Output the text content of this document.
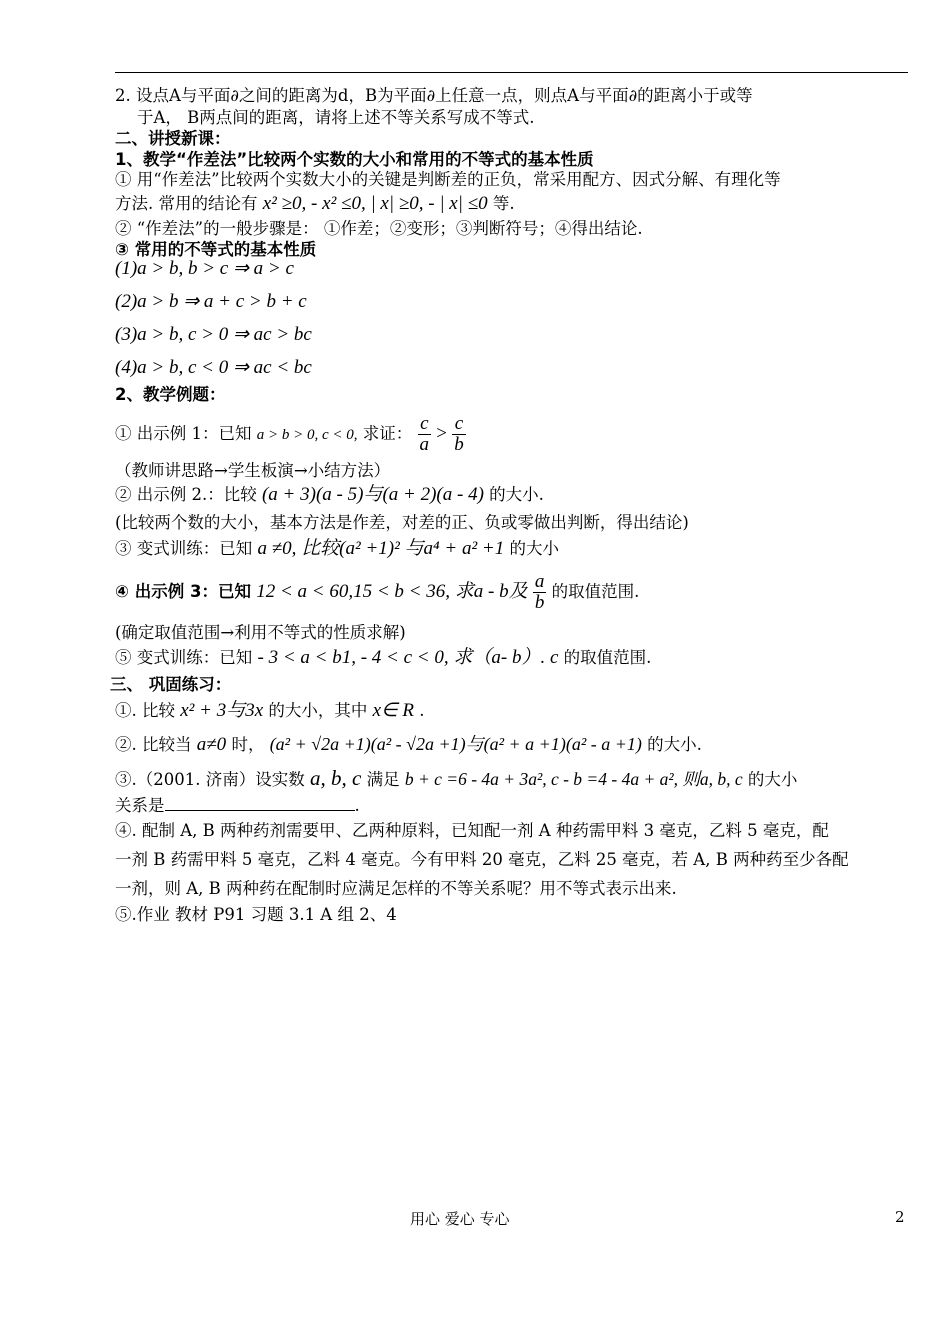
2. 设点A与平面∂之间的距离为d，B为平面∂上任意一点，则点A与平面∂的距离小于或等
于A， B两点间的距离，请将上述不等关系写成不等式.
二、讲授新课：
1、教学“作差法”比较两个实数的大小和常用的不等式的基本性质
① 用“作差法”比较两个实数大小的关键是判断差的正负，常采用配方、因式分解、有理化等
方法. 常用的结论有 x² ≥0, - x² ≤0, | x| ≥0, - | x| ≤0 等.
② “作差法”的一般步骤是： ①作差；②变形；③判断符号；④得出结论.
③ 常用的不等式的基本性质
(1)a > b, b > c ⇒ a > c
(2)a > b ⇒ a + c > b + c
(3)a > b, c > 0 ⇒ ac > bc
(4)a > b, c < 0 ⇒ ac < bc
2、教学例题：
① 出示例 1：已知 a > b > 0, c < 0, 求证： $\frac{c}{a} > \frac{c}{b}$
（教师讲思路→学生板演→小结方法）
② 出示例 2.：比较 (a + 3)(a - 5)与(a + 2)(a - 4) 的大小.
(比较两个数的大小，基本方法是作差，对差的正、负或零做出判断，得出结论)
③ 变式训练：已知 a ≠0, 比较(a² +1)² 与a⁴ + a² +1 的大小
④ 出示例 3：已知 12 < a < 60,15 < b < 36, 求a - b及 $\frac{a}{b}$ 的取值范围.
(确定取值范围→利用不等式的性质求解)
⑤ 变式训练：已知 - 3 < a < b1, - 4 < c < 0, 求（a- b）. c 的取值范围.
三、 巩固练习：
①. 比较 x² + 3与3x 的大小，其中 x∈ R .
②. 比较当 a≠0 时， (a² + √2a +1)(a² - √2a +1)与(a² + a +1)(a² - a +1) 的大小.
③.（2001. 济南）设实数 a, b, c 满足 b + c =6 - 4a + 3a², c - b =4 - 4a + a², 则a, b, c 的大小
关系是	.
④. 配制 A, B 两种药剂需要甲、乙两种原料，已知配一剂 A 种药需甲料 3 毫克，乙料 5 毫克，配
一剂 B 药需甲料 5 毫克，乙料 4 毫克。今有甲料 20 毫克，乙料 25 毫克，若 A, B 两种药至少各配
一剂，则 A, B 两种药在配制时应满足怎样的不等关系呢？用不等式表示出来.
⑤.作业 教材 P91 习题 3.1 A 组 2、4
用心 爱心 专心	2
